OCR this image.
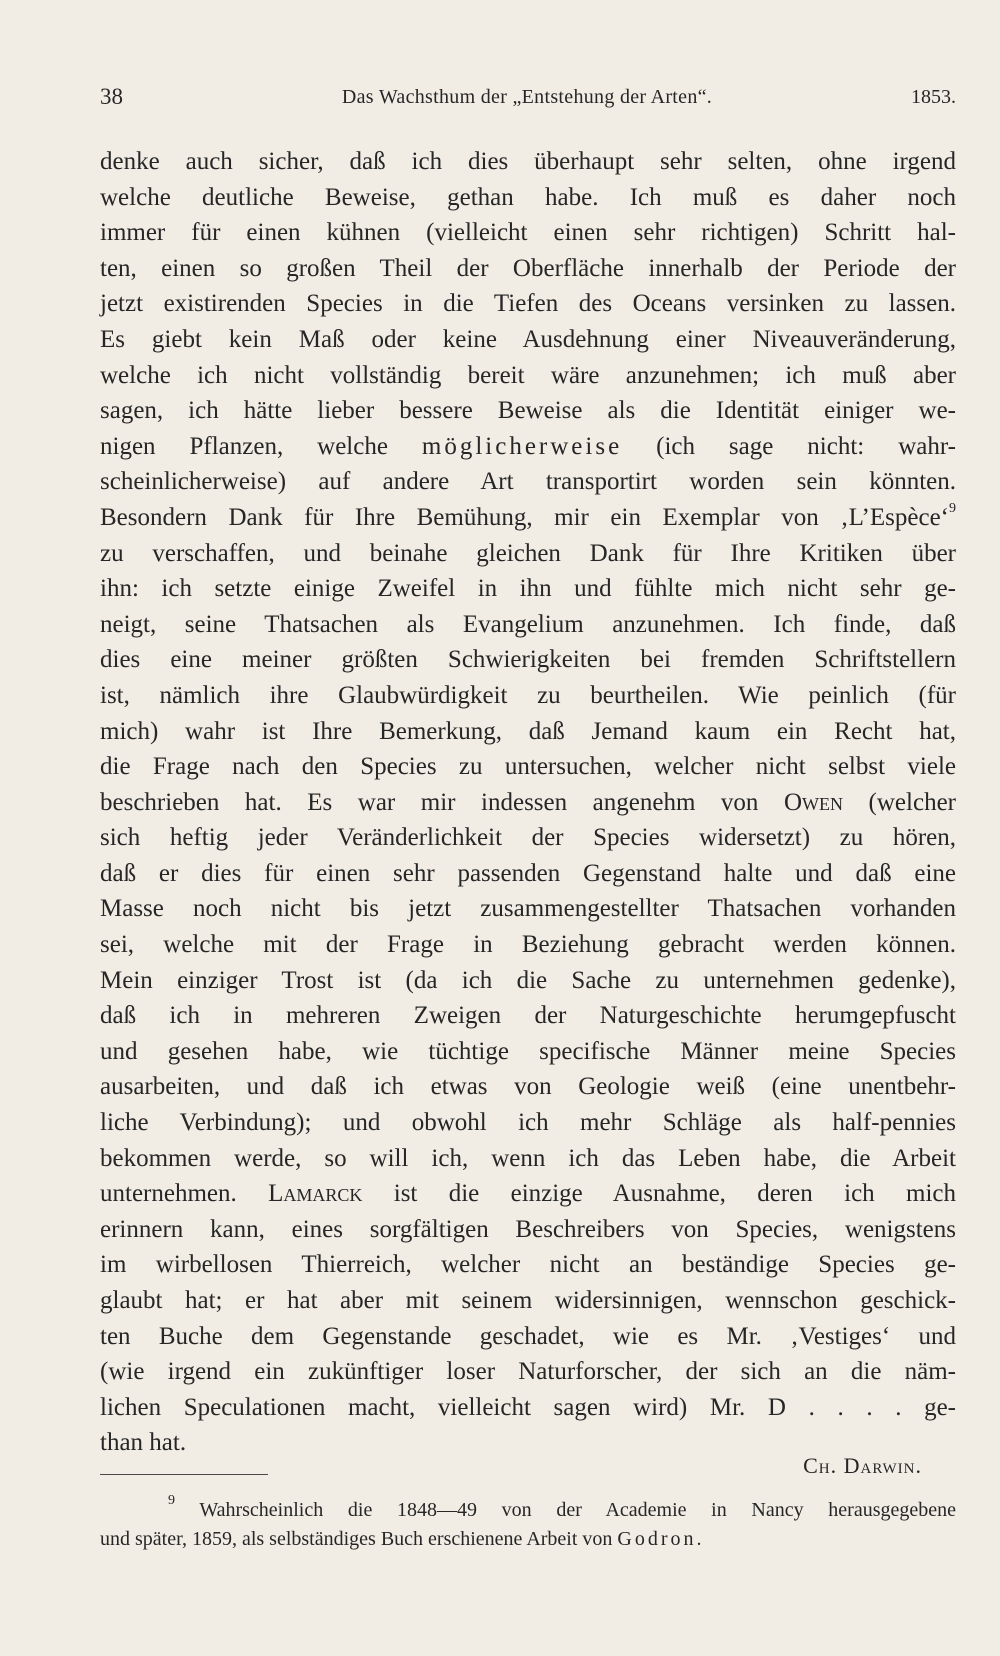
38	Das Wachsthum der „Entstehung der Arten“.	1853.
denke auch sicher, daß ich dies überhaupt sehr selten, ohne irgend
welche deutliche Beweise, gethan habe. Ich muß es daher noch
immer für einen kühnen (vielleicht einen sehr richtigen) Schritt hal-
ten, einen so großen Theil der Oberfläche innerhalb der Periode der
jetzt existirenden Species in die Tiefen des Oceans versinken zu lassen.
Es giebt kein Maß oder keine Ausdehnung einer Niveauveränderung,
welche ich nicht vollständig bereit wäre anzunehmen; ich muß aber
sagen, ich hätte lieber bessere Beweise als die Identität einiger we-
nigen Pflanzen, welche möglicherweise (ich sage nicht: wahr-
scheinlicherweise) auf andere Art transportirt worden sein könnten.
Besondern Dank für Ihre Bemühung, mir ein Exemplar von ‚L’Espèce‘$^9$
zu verschaffen, und beinahe gleichen Dank für Ihre Kritiken über
ihn: ich setzte einige Zweifel in ihn und fühlte mich nicht sehr ge-
neigt, seine Thatsachen als Evangelium anzunehmen. Ich finde, daß
dies eine meiner größten Schwierigkeiten bei fremden Schriftstellern
ist, nämlich ihre Glaubwürdigkeit zu beurtheilen. Wie peinlich (für
mich) wahr ist Ihre Bemerkung, daß Jemand kaum ein Recht hat,
die Frage nach den Species zu untersuchen, welcher nicht selbst viele
beschrieben hat. Es war mir indessen angenehm von Owen (welcher
sich heftig jeder Veränderlichkeit der Species widersetzt) zu hören,
daß er dies für einen sehr passenden Gegenstand halte und daß eine
Masse noch nicht bis jetzt zusammengestellter Thatsachen vorhanden
sei, welche mit der Frage in Beziehung gebracht werden können.
Mein einziger Trost ist (da ich die Sache zu unternehmen gedenke),
daß ich in mehreren Zweigen der Naturgeschichte herumgepfuscht
und gesehen habe, wie tüchtige specifische Männer meine Species
ausarbeiten, und daß ich etwas von Geologie weiß (eine unentbehr-
liche Verbindung); und obwohl ich mehr Schläge als half-pennies
bekommen werde, so will ich, wenn ich das Leben habe, die Arbeit
unternehmen. Lamarck ist die einzige Ausnahme, deren ich mich
erinnern kann, eines sorgfältigen Beschreibers von Species, wenigstens
im wirbellosen Thierreich, welcher nicht an beständige Species ge-
glaubt hat; er hat aber mit seinem widersinnigen, wennschon geschick-
ten Buche dem Gegenstande geschadet, wie es Mr. ‚Vestiges‘ und
(wie irgend ein zukünftiger loser Naturforscher, der sich an die näm-
lichen Speculationen macht, vielleicht sagen wird) Mr. D . . . . ge-
than hat.
Ch. Darwin.
$^9$ Wahrscheinlich die 1848—49 von der Academie in Nancy herausgegebene
und später, 1859, als selbständiges Buch erschienene Arbeit von Godron.
